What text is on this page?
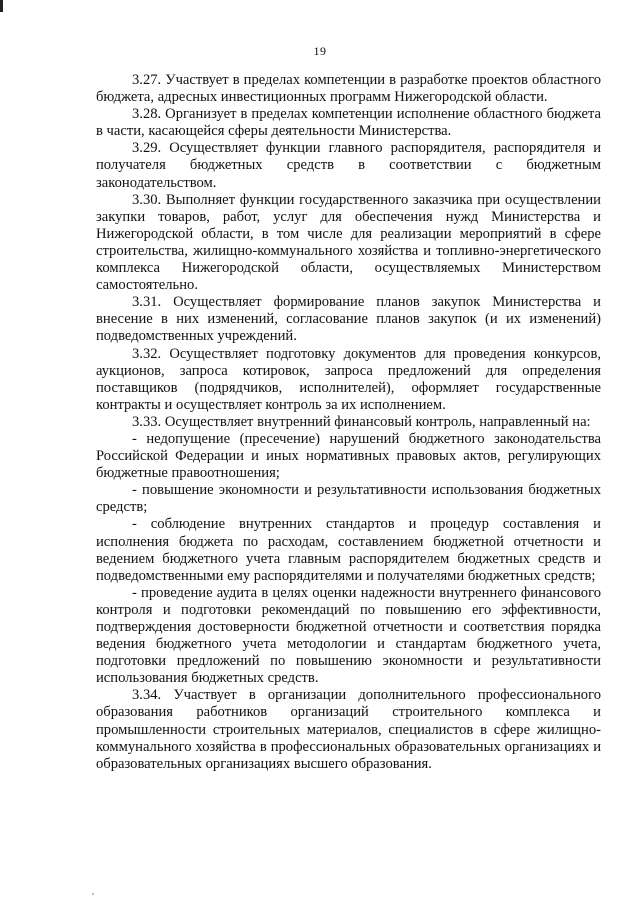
19

3.27. Участвует в пределах компетенции в разработке проектов областного бюджета, адресных инвестиционных программ Нижегородской области.

3.28. Организует в пределах компетенции исполнение областного бюджета в части, касающейся сферы деятельности Министерства.

3.29. Осуществляет функции главного распорядителя, распорядителя и получателя бюджетных средств в соответствии с бюджетным законодательством.

3.30. Выполняет функции государственного заказчика при осуществлении закупки товаров, работ, услуг для обеспечения нужд Министерства и Нижегородской области, в том числе для реализации мероприятий в сфере строительства, жилищно-коммунального хозяйства и топливно-энергетического комплекса Нижегородской области, осуществляемых Министерством самостоятельно.

3.31. Осуществляет формирование планов закупок Министерства и внесение в них изменений, согласование планов закупок (и их изменений) подведомственных учреждений.

3.32. Осуществляет подготовку документов для проведения конкурсов, аукционов, запроса котировок, запроса предложений для определения поставщиков (подрядчиков, исполнителей), оформляет государственные контракты и осуществляет контроль за их исполнением.

3.33. Осуществляет внутренний финансовый контроль, направленный на:

- недопущение (пресечение) нарушений бюджетного законодательства Российской Федерации и иных нормативных правовых актов, регулирующих бюджетные правоотношения;

- повышение экономности и результативности использования бюджетных средств;

- соблюдение внутренних стандартов и процедур составления и исполнения бюджета по расходам, составлением бюджетной отчетности и ведением бюджетного учета главным распорядителем бюджетных средств и подведомственными ему распорядителями и получателями бюджетных средств;

- проведение аудита в целях оценки надежности внутреннего финансового контроля и подготовки рекомендаций по повышению его эффективности, подтверждения достоверности бюджетной отчетности и соответствия порядка ведения бюджетного учета методологии и стандартам бюджетного учета, подготовки предложений по повышению экономности и результативности использования бюджетных средств.

3.34. Участвует в организации дополнительного профессионального образования работников организаций строительного комплекса и промышленности строительных материалов, специалистов в сфере жилищно-коммунального хозяйства в профессиональных образовательных организациях и образовательных организациях высшего образования.
